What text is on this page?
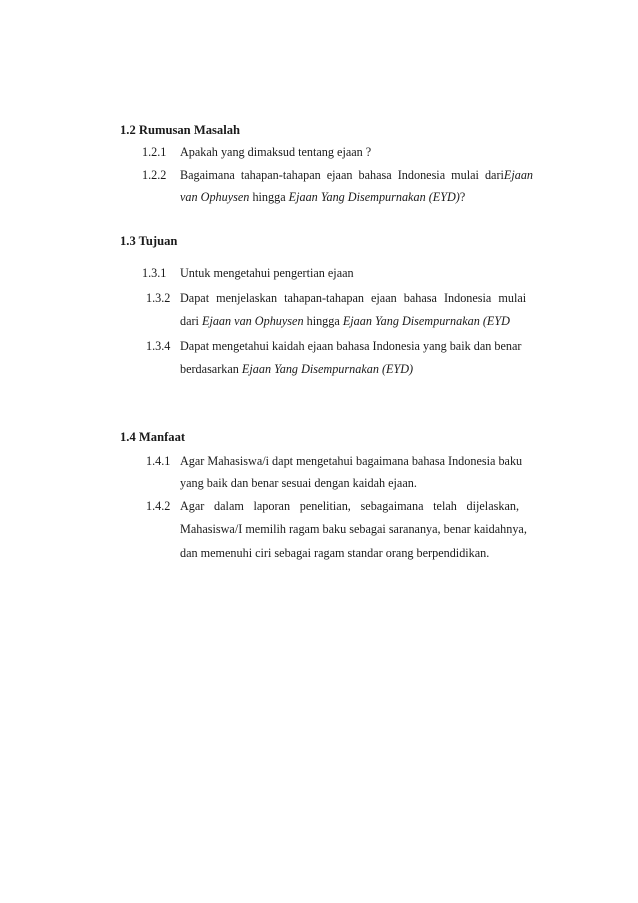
1.2 Rumusan Masalah
1.2.1 Apakah yang dimaksud tentang ejaan ?
1.2.2 Bagaimana tahapan-tahapan ejaan bahasa Indonesia mulai dari Ejaan
van Ophuysen hingga Ejaan Yang Disempurnakan (EYD)?
1.3 Tujuan
1.3.1 Untuk mengetahui pengertian ejaan
1.3.2 Dapat menjelaskan tahapan-tahapan ejaan bahasa Indonesia mulai
dari Ejaan van Ophuysen hingga Ejaan Yang Disempurnakan (EYD
1.3.4 Dapat mengetahui kaidah ejaan bahasa Indonesia yang baik dan benar
berdasarkan Ejaan Yang Disempurnakan (EYD)
1.4 Manfaat
1.4.1 Agar Mahasiswa/i dapt mengetahui bagaimana bahasa Indonesia baku
yang baik dan benar sesuai dengan kaidah ejaan.
1.4.2 Agar dalam laporan penelitian, sebagaimana telah dijelaskan,
Mahasiswa/I memilih ragam baku sebagai sarananya, benar kaidahnya,
dan memenuhi ciri sebagai ragam standar orang berpendidikan.
